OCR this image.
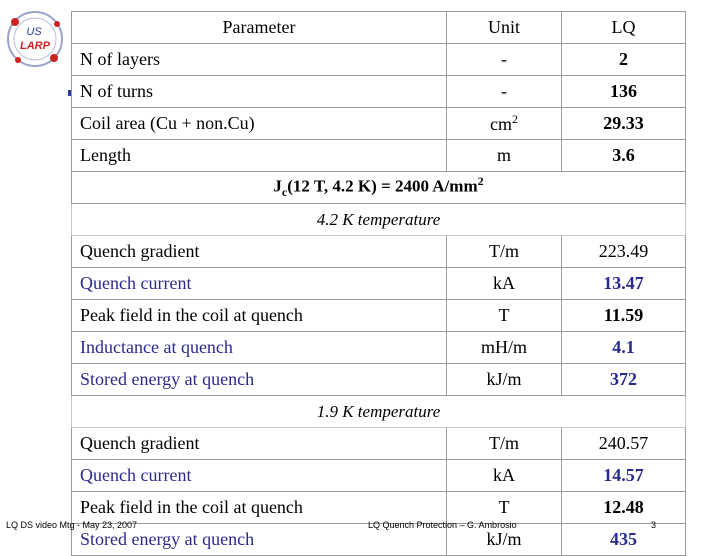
US
LARP
Parameter	Unit	LQ
N of layers	-	2
N of turns	-	136
Coil area (Cu + non.Cu)	$cm^2$	29.33
Length	m	3.6
$J_c(12$ T, 4.2 K) = 2400 $A/mm^2$
4.2 K temperature		
Quench gradient	T/m	223.49
Quench current	kA	13.47
Peak field in the coil at quench	T	11.59
Inductance at quench	mH/m	4.1
Stored energy at quench	kJ/m	372
1.9 K temperature		
Quench gradient	T/m	240.57
Quench current	kA	14.57
Peak field in the coil at quench	T	12.48
Stored energy at quench	kJ/m	435
LQ DS video Mtg - May 23, 2007	LQ Quench Protection – G. Ambrosio	3
